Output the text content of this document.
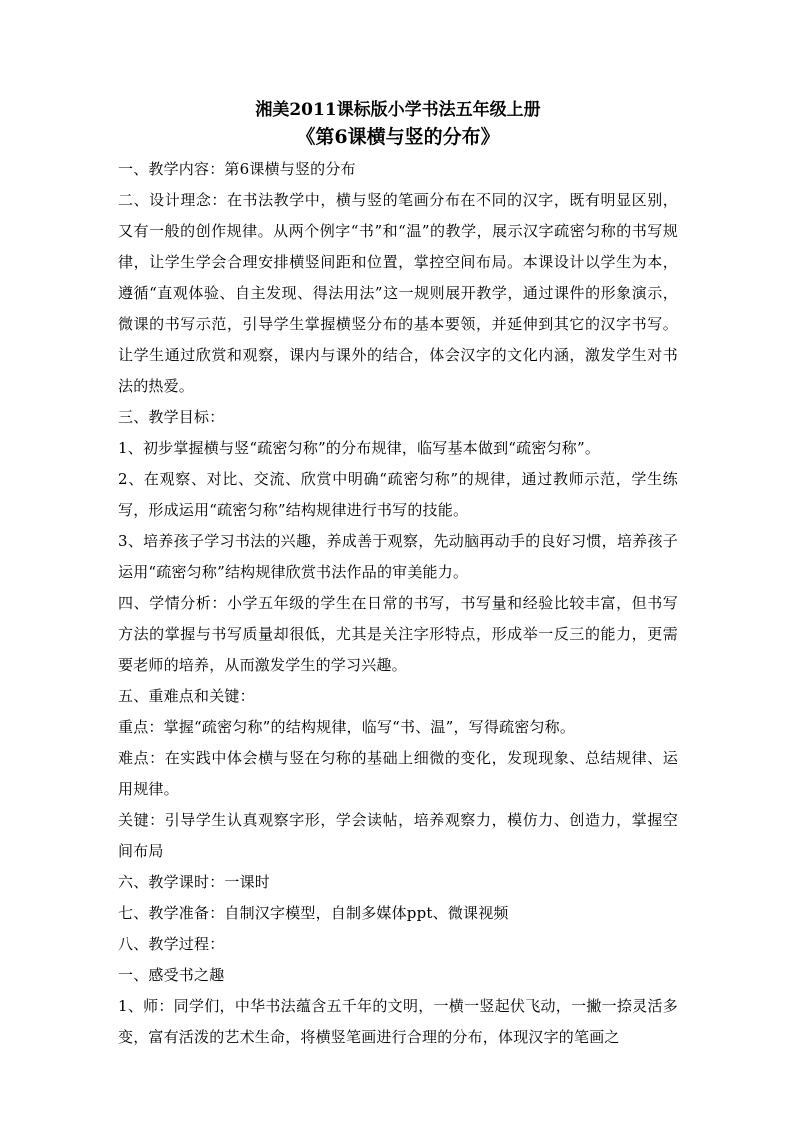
湘美2011课标版小学书法五年级上册

《第6课横与竖的分布》

一、教学内容：第6课横与竖的分布

二、设计理念：在书法教学中，横与竖的笔画分布在不同的汉字，既有明显区别，又有一般的创作规律。从两个例字“书”和“温”的教学，展示汉字疏密匀称的书写规律，让学生学会合理安排横竖间距和位置，掌控空间布局。本课设计以学生为本，遵循“直观体验、自主发现、得法用法”这一规则展开教学，通过课件的形象演示，微课的书写示范，引导学生掌握横竖分布的基本要领，并延伸到其它的汉字书写。让学生通过欣赏和观察，课内与课外的结合，体会汉字的文化内涵，激发学生对书法的热爱。

三、教学目标：

1、初步掌握横与竖“疏密匀称”的分布规律，临写基本做到“疏密匀称”。

2、在观察、对比、交流、欣赏中明确“疏密匀称”的规律，通过教师示范，学生练写，形成运用“疏密匀称”结构规律进行书写的技能。

3、培养孩子学习书法的兴趣，养成善于观察，先动脑再动手的良好习惯，培养孩子运用“疏密匀称”结构规律欣赏书法作品的审美能力。

四、学情分析：小学五年级的学生在日常的书写，书写量和经验比较丰富，但书写方法的掌握与书写质量却很低，尤其是关注字形特点，形成举一反三的能力，更需要老师的培养，从而激发学生的学习兴趣。

五、重难点和关键：

重点：掌握“疏密匀称”的结构规律，临写“书、温”，写得疏密匀称。

难点：在实践中体会横与竖在匀称的基础上细微的变化，发现现象、总结规律、运用规律。

关键：引导学生认真观察字形，学会读帖，培养观察力，模仿力、创造力，掌握空间布局

六、教学课时：一课时

七、教学准备：自制汉字模型，自制多媒体ppt、微课视频

八、教学过程：

一、感受书之趣

1、师：同学们，中华书法蕴含五千年的文明，一横一竖起伏飞动，一撇一捺灵活多变，富有活泼的艺术生命，将横竖笔画进行合理的分布，体现汉字的笔画之
